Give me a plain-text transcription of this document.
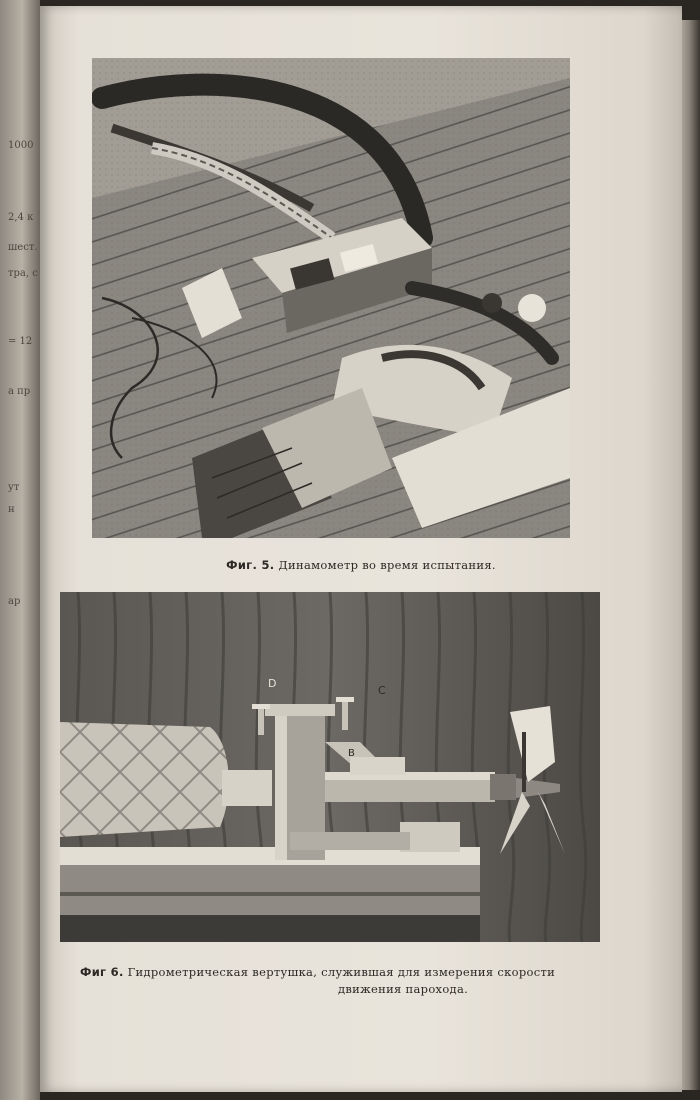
1000
2,4 к
шест.
тра, с
= 12
а пр
ут
н
ар
Фиг. 5. Динамометр во время испытания.
D
C
B
Фиг 6. Гидрометрическая вертушка, служившая для измерения скорости
движения парохода.
